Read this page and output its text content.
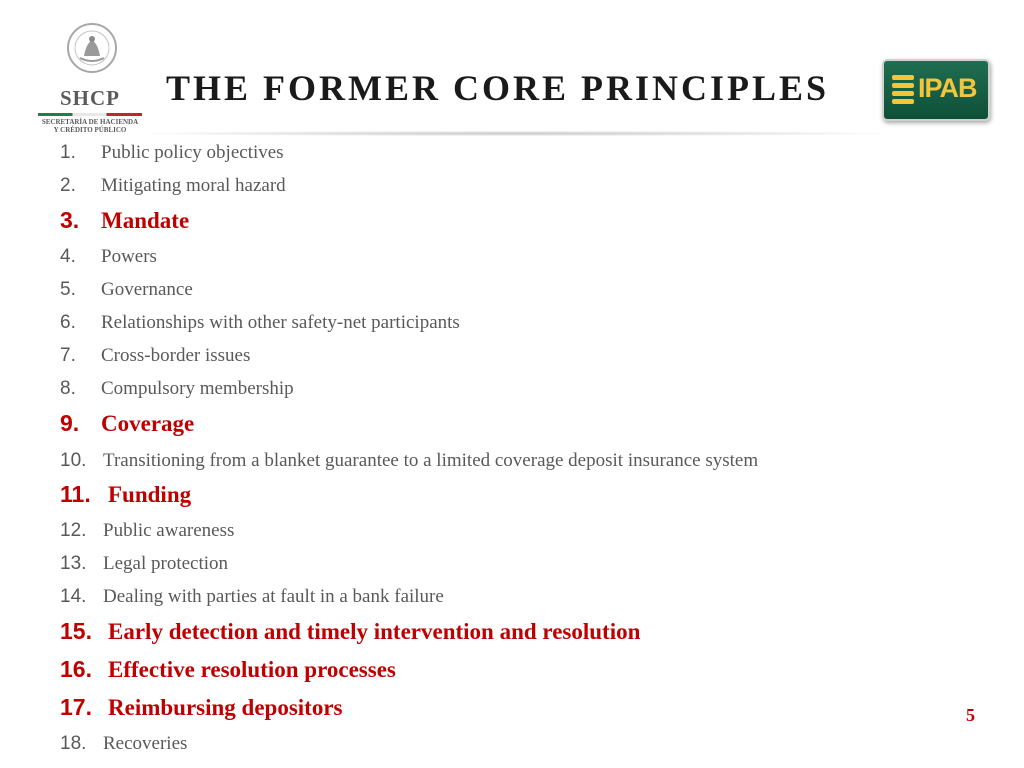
SHCP
SECRETARÍA DE HACIENDA
Y CRÉDITO PÚBLICO
THE FORMER CORE PRINCIPLES	IPAB
1. Public policy objectives
2. Mitigating moral hazard
3. Mandate
4. Powers
5. Governance
6. Relationships with other safety-net participants
7. Cross-border issues
8. Compulsory membership
9. Coverage
10. Transitioning from a blanket guarantee to a limited coverage deposit insurance system
11. Funding
12. Public awareness
13. Legal protection
14. Dealing with parties at fault in a bank failure
15. Early detection and timely intervention and resolution
16. Effective resolution processes
17. Reimbursing depositors
18. Recoveries
5
